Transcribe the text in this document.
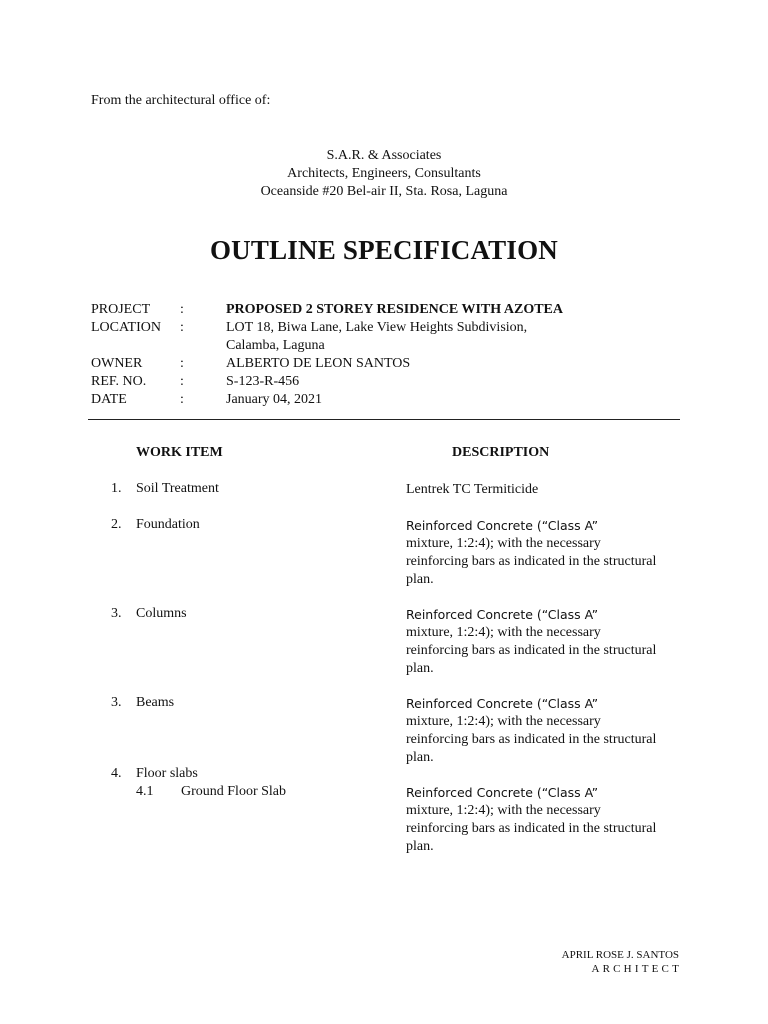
From the architectural office of:
S.A.R. & Associates
Architects, Engineers, Consultants
Oceanside #20 Bel-air II, Sta. Rosa, Laguna
OUTLINE SPECIFICATION
PROJECT :	PROPOSED 2 STOREY RESIDENCE WITH AZOTEA
LOCATION :	LOT 18, Biwa Lane, Lake View Heights Subdivision,
Calamba, Laguna
OWNER	:	ALBERTO DE LEON SANTOS
REF. NO. :	S-123-R-456
DATE	:	January 04, 2021
WORK ITEM	DESCRIPTION
1. Soil Treatment	Lentrek TC Termiticide
2. Foundation	Reinforced Concrete (“Class A”
mixture, 1:2:4); with the necessary
reinforcing bars as indicated in the structural
plan.
3. Columns	Reinforced Concrete (“Class A”
mixture, 1:2:4); with the necessary
reinforcing bars as indicated in the structural
plan.
3. Beams	Reinforced Concrete (“Class A”
mixture, 1:2:4); with the necessary
reinforcing bars as indicated in the structural
plan.
4. Floor slabs
4.1 Ground Floor Slab	Reinforced Concrete (“Class A”
mixture, 1:2:4); with the necessary
reinforcing bars as indicated in the structural
plan.
APRIL ROSE J. SANTOS
ARCHITECT
